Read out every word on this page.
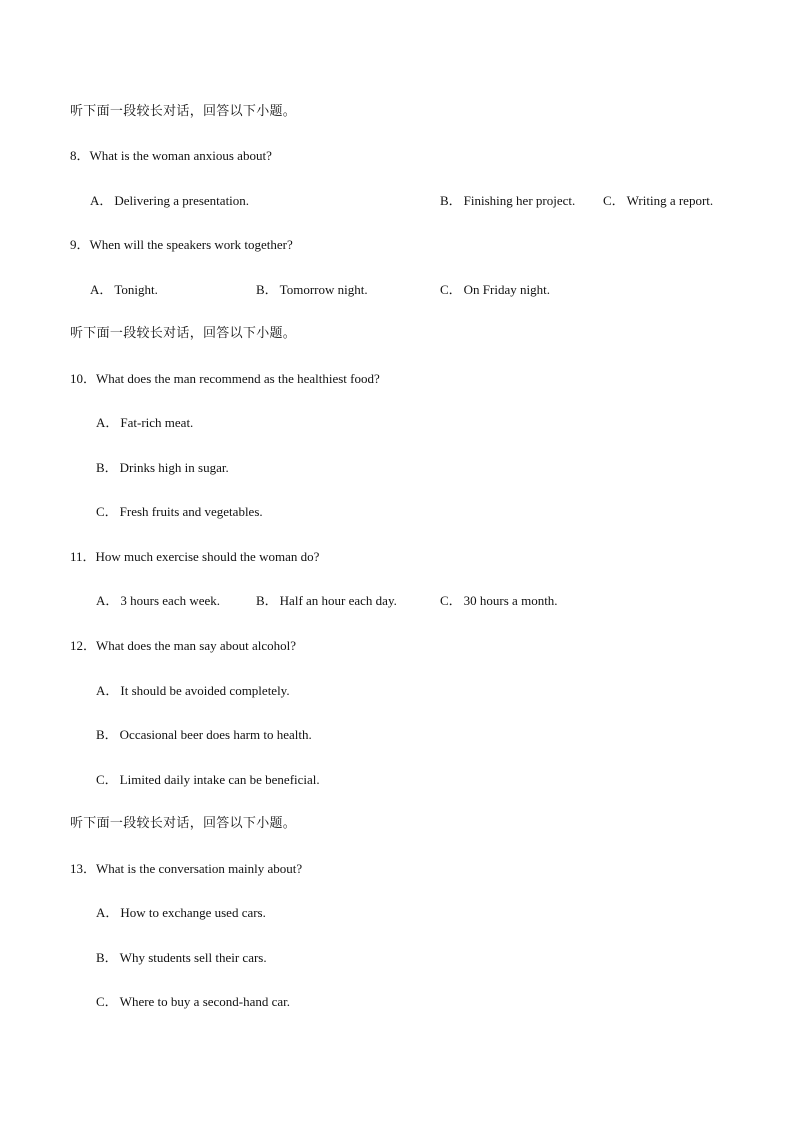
听下面一段较长对话，回答以下小题。
8．What is the woman anxious about?
A． Delivering a presentation.	B． Finishing her project. C． Writing a report.
9．When will the speakers work together?
A． Tonight.	B． Tomorrow night.	C． On Friday night.
听下面一段较长对话，回答以下小题。
10．What does the man recommend as the healthiest food?
A． Fat-rich meat.
B． Drinks high in sugar.
C． Fresh fruits and vegetables.
11．How much exercise should the woman do?
A． 3 hours each week.	B． Half an hour each day.	C． 30 hours a month.
12．What does the man say about alcohol?
A． It should be avoided completely.
B． Occasional beer does harm to health.
C． Limited daily intake can be beneficial.
听下面一段较长对话，回答以下小题。
13．What is the conversation mainly about?
A． How to exchange used cars.
B． Why students sell their cars.
C． Where to buy a second-hand car.
